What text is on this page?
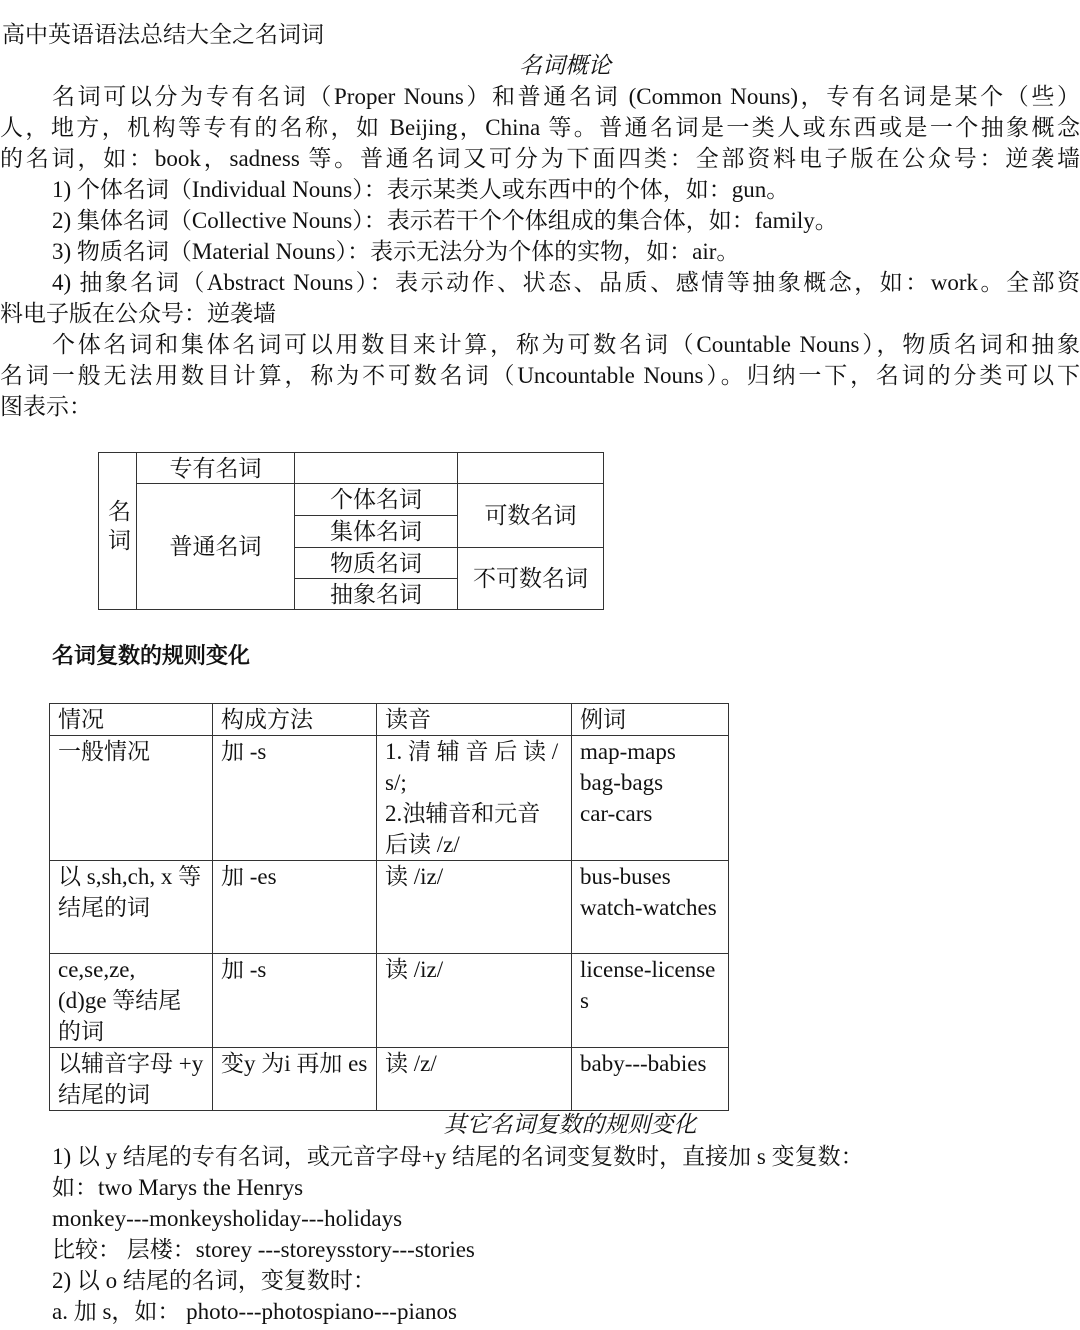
高中英语语法总结大全之名词词
名词概论
名词可以分为专有名词（Proper Nouns）和普通名词 (Common Nouns)，专有名词是某个（些）
人，地方，机构等专有的名称，如 Beijing，China 等。普通名词是一类人或东西或是一个抽象概念
的名词，如：book，sadness 等。普通名词又可分为下面四类：全部资料电子版在公众号：逆袭墙
1) 个体名词（Individual Nouns）：表示某类人或东西中的个体，如：gun。
2) 集体名词（Collective Nouns）：表示若干个个体组成的集合体，如：family。
3) 物质名词（Material Nouns）：表示无法分为个体的实物，如：air。
4) 抽象名词（Abstract Nouns）：表示动作、状态、品质、感情等抽象概念，如：work。全部资
料电子版在公众号：逆袭墙
个体名词和集体名词可以用数目来计算，称为可数名词（Countable Nouns），物质名词和抽象
名词一般无法用数目计算，称为不可数名词（Uncountable Nouns）。归纳一下，名词的分类可以下
图表示：
名词	专有名词		
	普通名词	个体名词	可数名词
		集体名词	
		物质名词	不可数名词
		抽象名词	
名词复数的规则变化
情况	构成方法	读音	例词
一般情况	加 -s	1. 清 辅 音 后 读 /s/;
2.浊辅音和元音后读 /z/	map-maps
bag-bags
car-cars
以 s,sh,ch, x 等结尾的词	加 -es	读 /iz/	bus-buses
watch-watches
ce,se,ze,
(d)ge 等结尾的词	加 -s	读 /iz/	license-licenses
以辅音字母 +y 结尾的词	变y 为i 再加 es	读 /z/	baby---babies
其它名词复数的规则变化
1) 以 y 结尾的专有名词，或元音字母+y 结尾的名词变复数时，直接加 s 变复数：
如：two Marys the Henrys
monkey---monkeysholiday---holidays
比较： 层楼：storey ---storeysstory---stories
2) 以 o 结尾的名词，变复数时：
a. 加 s，如： photo---photospiano---pianos
